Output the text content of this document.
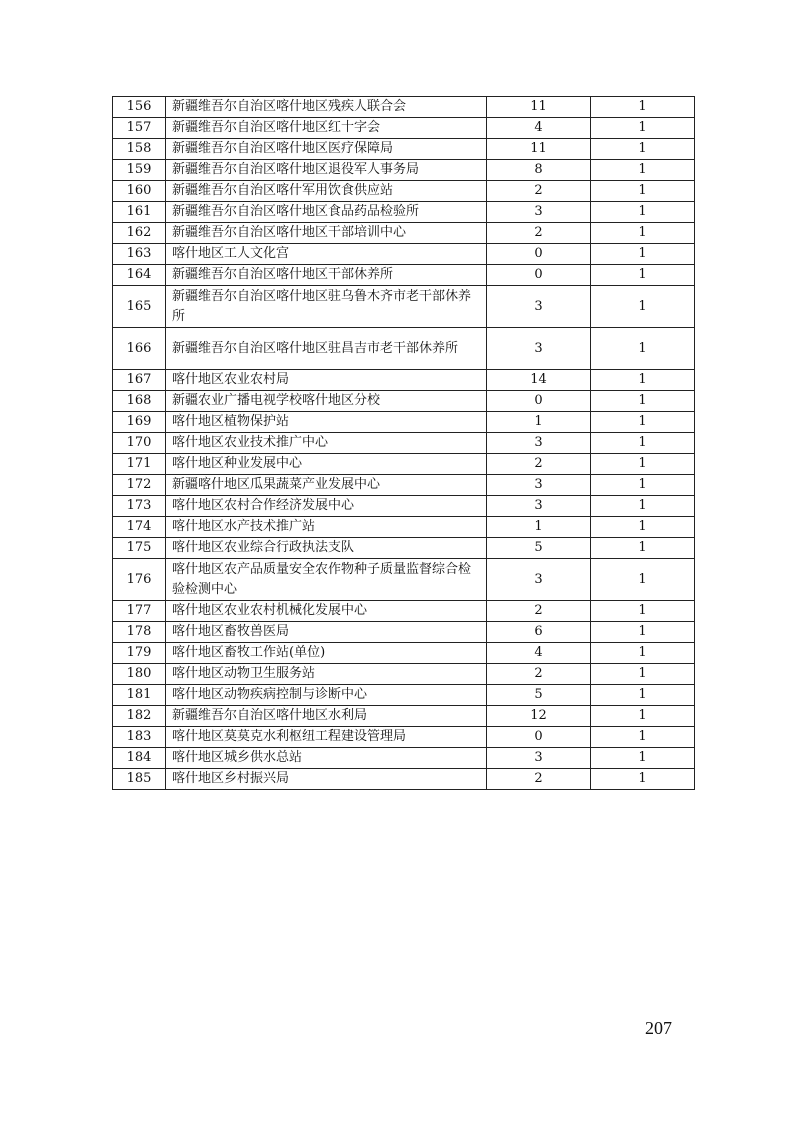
156	新疆维吾尔自治区喀什地区残疾人联合会	11	1
157	新疆维吾尔自治区喀什地区红十字会	4	1
158	新疆维吾尔自治区喀什地区医疗保障局	11	1
159	新疆维吾尔自治区喀什地区退役军人事务局	8	1
160	新疆维吾尔自治区喀什军用饮食供应站	2	1
161	新疆维吾尔自治区喀什地区食品药品检验所	3	1
162	新疆维吾尔自治区喀什地区干部培训中心	2	1
163	喀什地区工人文化宫	0	1
164	新疆维吾尔自治区喀什地区干部休养所	0	1
165	新疆维吾尔自治区喀什地区驻乌鲁木齐市老干部休养所	3	1
166	新疆维吾尔自治区喀什地区驻昌吉市老干部休养所	3	1
167	喀什地区农业农村局	14	1
168	新疆农业广播电视学校喀什地区分校	0	1
169	喀什地区植物保护站	1	1
170	喀什地区农业技术推广中心	3	1
171	喀什地区种业发展中心	2	1
172	新疆喀什地区瓜果蔬菜产业发展中心	3	1
173	喀什地区农村合作经济发展中心	3	1
174	喀什地区水产技术推广站	1	1
175	喀什地区农业综合行政执法支队	5	1
176	喀什地区农产品质量安全农作物种子质量监督综合检验检测中心	3	1
177	喀什地区农业农村机械化发展中心	2	1
178	喀什地区畜牧兽医局	6	1
179	喀什地区畜牧工作站(单位)	4	1
180	喀什地区动物卫生服务站	2	1
181	喀什地区动物疾病控制与诊断中心	5	1
182	新疆维吾尔自治区喀什地区水利局	12	1
183	喀什地区莫莫克水利枢纽工程建设管理局	0	1
184	喀什地区城乡供水总站	3	1
185	喀什地区乡村振兴局	2	1
207
